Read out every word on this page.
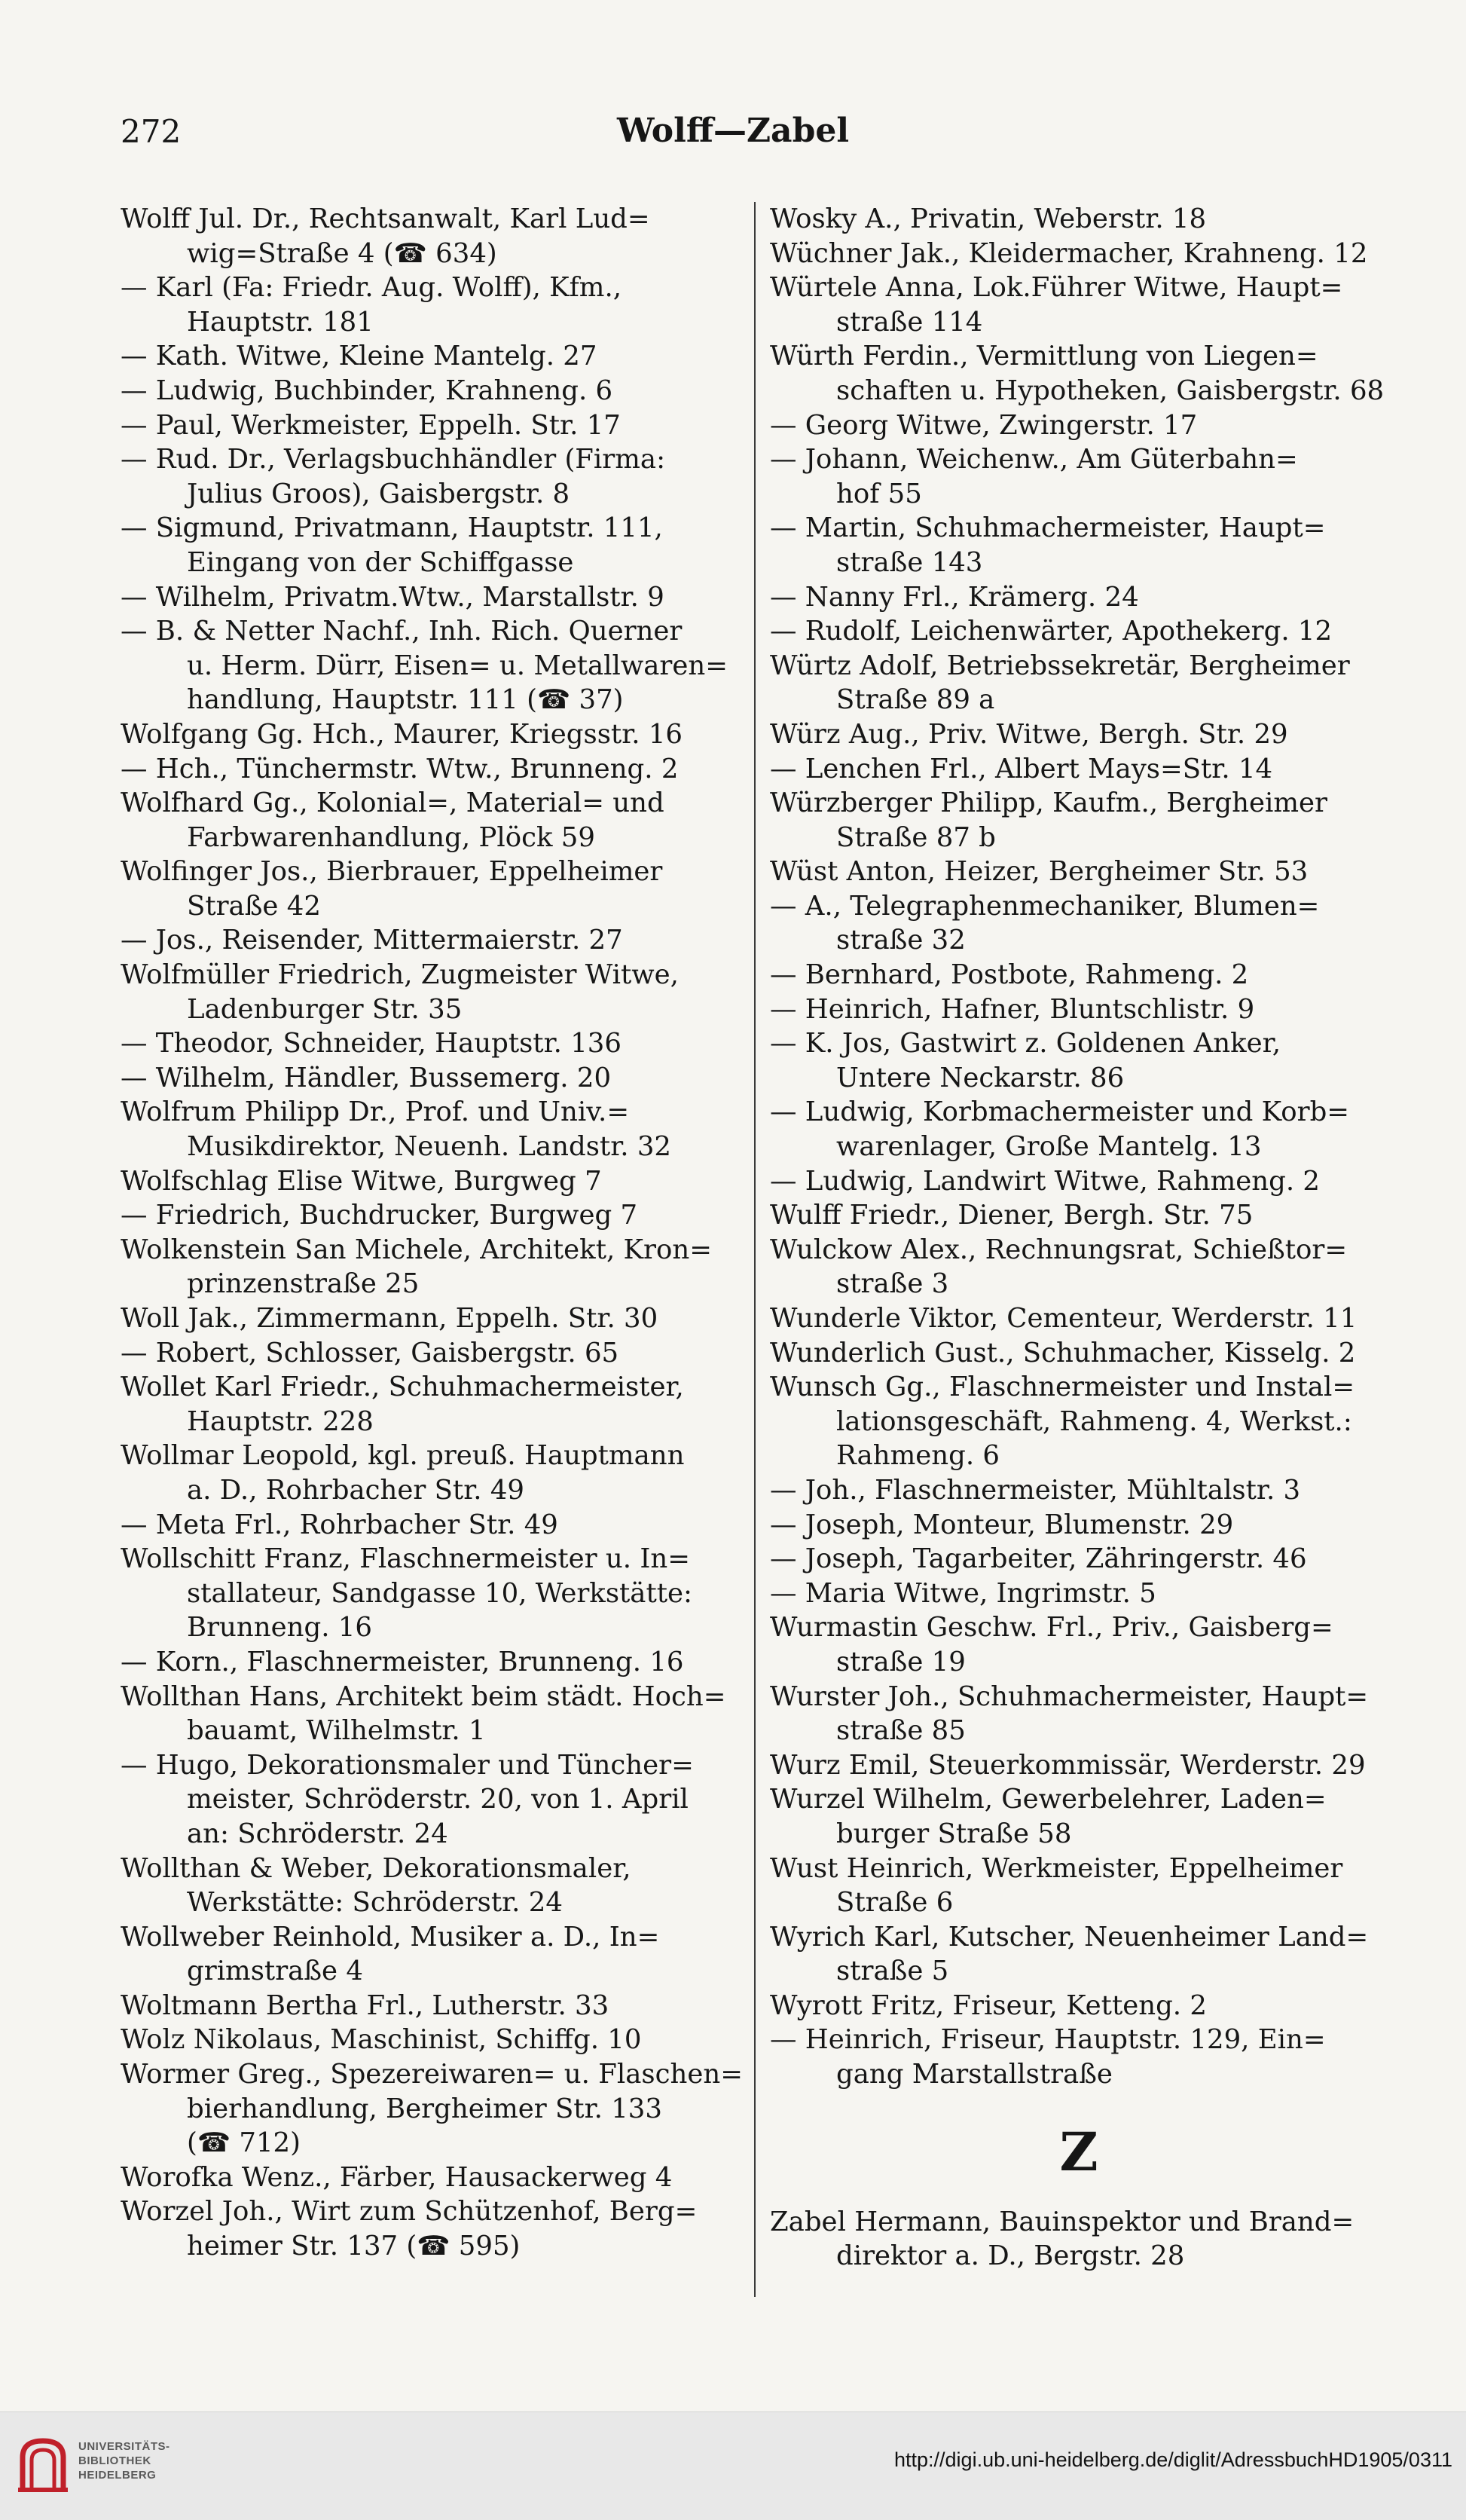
272	Wolff—Zabel
Wolff Jul. Dr., Rechtsanwalt, Karl Lud=
wig=Straße 4 (☎ 634)
— Karl (Fa: Friedr. Aug. Wolff), Kfm.,
Hauptstr. 181
— Kath. Witwe, Kleine Mantelg. 27
— Ludwig, Buchbinder, Krahneng. 6
— Paul, Werkmeister, Eppelh. Str. 17
— Rud. Dr., Verlagsbuchhändler (Firma:
Julius Groos), Gaisbergstr. 8
— Sigmund, Privatmann, Hauptstr. 111,
Eingang von der Schiffgasse
— Wilhelm, Privatm.Wtw., Marstallstr. 9
— B. & Netter Nachf., Inh. Rich. Querner
u. Herm. Dürr, Eisen= u. Metallwaren=
handlung, Hauptstr. 111 (☎ 37)
Wolfgang Gg. Hch., Maurer, Kriegsstr. 16
— Hch., Tünchermstr. Wtw., Brunneng. 2
Wolfhard Gg., Kolonial=, Material= und
Farbwarenhandlung, Plöck 59
Wolfinger Jos., Bierbrauer, Eppelheimer
Straße 42
— Jos., Reisender, Mittermaierstr. 27
Wolfmüller Friedrich, Zugmeister Witwe,
Ladenburger Str. 35
— Theodor, Schneider, Hauptstr. 136
— Wilhelm, Händler, Bussemerg. 20
Wolfrum Philipp Dr., Prof. und Univ.=
Musikdirektor, Neuenh. Landstr. 32
Wolfschlag Elise Witwe, Burgweg 7
— Friedrich, Buchdrucker, Burgweg 7
Wolkenstein San Michele, Architekt, Kron=
prinzenstraße 25
Woll Jak., Zimmermann, Eppelh. Str. 30
— Robert, Schlosser, Gaisbergstr. 65
Wollet Karl Friedr., Schuhmachermeister,
Hauptstr. 228
Wollmar Leopold, kgl. preuß. Hauptmann
a. D., Rohrbacher Str. 49
— Meta Frl., Rohrbacher Str. 49
Wollschitt Franz, Flaschnermeister u. In=
stallateur, Sandgasse 10, Werkstätte:
Brunneng. 16
— Korn., Flaschnermeister, Brunneng. 16
Wollthan Hans, Architekt beim städt. Hoch=
bauamt, Wilhelmstr. 1
— Hugo, Dekorationsmaler und Tüncher=
meister, Schröderstr. 20, von 1. April
an: Schröderstr. 24
Wollthan & Weber, Dekorationsmaler,
Werkstätte: Schröderstr. 24
Wollweber Reinhold, Musiker a. D., In=
grimstraße 4
Woltmann Bertha Frl., Lutherstr. 33
Wolz Nikolaus, Maschinist, Schiffg. 10
Wormer Greg., Spezereiwaren= u. Flaschen=
bierhandlung, Bergheimer Str. 133
(☎ 712)
Worofka Wenz., Färber, Hausackerweg 4
Worzel Joh., Wirt zum Schützenhof, Berg=
heimer Str. 137 (☎ 595)
Wosky A., Privatin, Weberstr. 18
Wüchner Jak., Kleidermacher, Krahneng. 12
Würtele Anna, Lok.Führer Witwe, Haupt=
straße 114
Würth Ferdin., Vermittlung von Liegen=
schaften u. Hypotheken, Gaisbergstr. 68
— Georg Witwe, Zwingerstr. 17
— Johann, Weichenw., Am Güterbahn=
hof 55
— Martin, Schuhmachermeister, Haupt=
straße 143
— Nanny Frl., Krämerg. 24
— Rudolf, Leichenwärter, Apothekerg. 12
Würtz Adolf, Betriebssekretär, Bergheimer
Straße 89 a
Würz Aug., Priv. Witwe, Bergh. Str. 29
— Lenchen Frl., Albert Mays=Str. 14
Würzberger Philipp, Kaufm., Bergheimer
Straße 87 b
Wüst Anton, Heizer, Bergheimer Str. 53
— A., Telegraphenmechaniker, Blumen=
straße 32
— Bernhard, Postbote, Rahmeng. 2
— Heinrich, Hafner, Bluntschlistr. 9
— K. Jos, Gastwirt z. Goldenen Anker,
Untere Neckarstr. 86
— Ludwig, Korbmachermeister und Korb=
warenlager, Große Mantelg. 13
— Ludwig, Landwirt Witwe, Rahmeng. 2
Wulff Friedr., Diener, Bergh. Str. 75
Wulckow Alex., Rechnungsrat, Schießtor=
straße 3
Wunderle Viktor, Cementeur, Werderstr. 11
Wunderlich Gust., Schuhmacher, Kisselg. 2
Wunsch Gg., Flaschnermeister und Instal=
lationsgeschäft, Rahmeng. 4, Werkst.:
Rahmeng. 6
— Joh., Flaschnermeister, Mühltalstr. 3
— Joseph, Monteur, Blumenstr. 29
— Joseph, Tagarbeiter, Zähringerstr. 46
— Maria Witwe, Ingrimstr. 5
Wurmastin Geschw. Frl., Priv., Gaisberg=
straße 19
Wurster Joh., Schuhmachermeister, Haupt=
straße 85
Wurz Emil, Steuerkommissär, Werderstr. 29
Wurzel Wilhelm, Gewerbelehrer, Laden=
burger Straße 58
Wust Heinrich, Werkmeister, Eppelheimer
Straße 6
Wyrich Karl, Kutscher, Neuenheimer Land=
straße 5
Wyrott Fritz, Friseur, Ketteng. 2
— Heinrich, Friseur, Hauptstr. 129, Ein=
gang Marstallstraße
Z
Zabel Hermann, Bauinspektor und Brand=
direktor a. D., Bergstr. 28
UNIVERSITÄTS-
BIBLIOTHEK
HEIDELBERG
http://digi.ub.uni-heidelberg.de/diglit/AdressbuchHD1905/0311
